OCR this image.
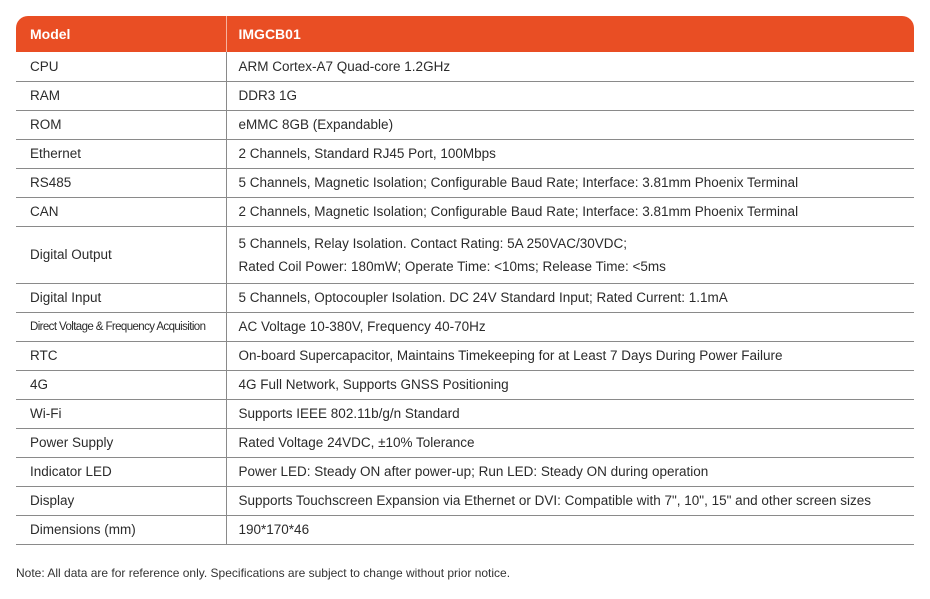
Model	IMGCB01
CPU	ARM Cortex-A7 Quad-core 1.2GHz

RAM	DDR3 1G

ROM	eMMC 8GB (Expandable)

Ethernet	2 Channels, Standard RJ45 Port, 100Mbps

RS485	5 Channels, Magnetic Isolation; Configurable Baud Rate; Interface: 3.81mm Phoenix Terminal

CAN	2 Channels, Magnetic Isolation; Configurable Baud Rate; Interface: 3.81mm Phoenix Terminal

Digital Output	5 Channels, Relay Isolation. Contact Rating: 5A 250VAC/30VDC;
Rated Coil Power: 180mW; Operate Time: <10ms; Release Time: <5ms

Digital Input	5 Channels, Optocoupler Isolation. DC 24V Standard Input; Rated Current: 1.1mA

Direct Voltage & Frequency Acquisition	AC Voltage 10-380V, Frequency 40-70Hz

RTC	On-board Supercapacitor, Maintains Timekeeping for at Least 7 Days During Power Failure

4G	4G Full Network, Supports GNSS Positioning

Wi-Fi	Supports IEEE 802.11b/g/n Standard

Power Supply	Rated Voltage 24VDC, ±10% Tolerance

Indicator LED	Power LED: Steady ON after power-up; Run LED: Steady ON during operation

Display	Supports Touchscreen Expansion via Ethernet or DVI: Compatible with 7", 10", 15" and other screen sizes

Dimensions (mm)	190*170*46
Note: All data are for reference only. Specifications are subject to change without prior notice.
